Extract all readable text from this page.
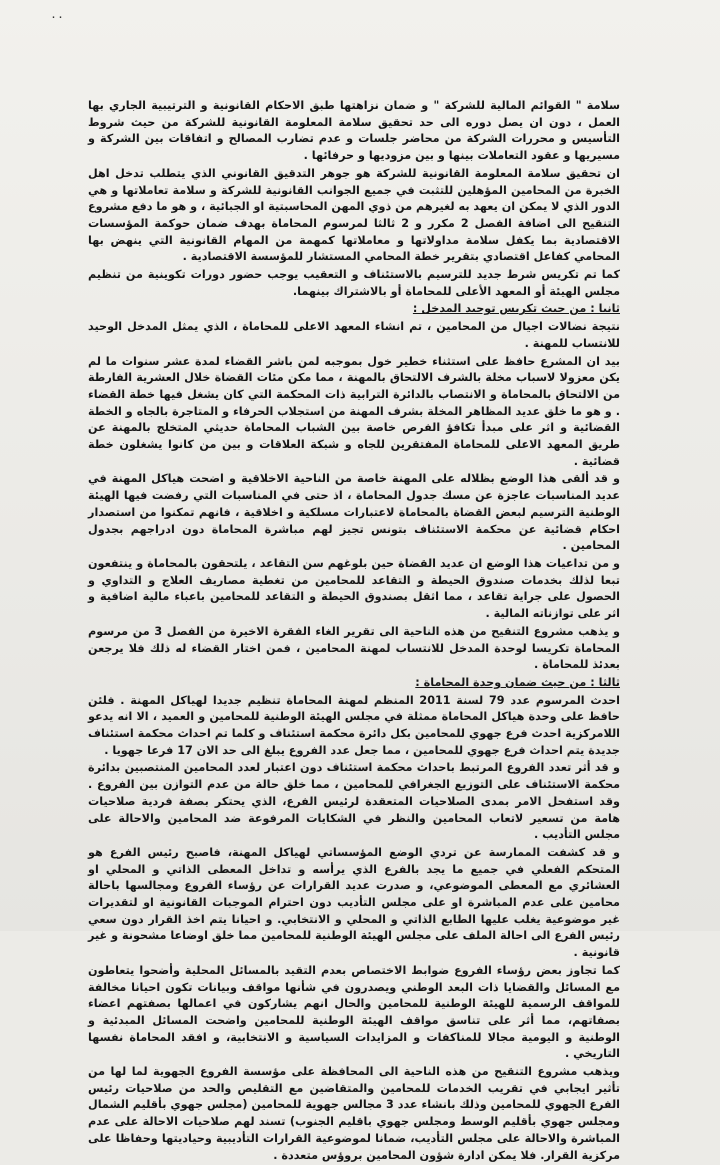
٠٠

سلامة " القوائم المالية للشركة " و ضمان نزاهتها طبق الاحكام القانونية و الترتيبية الجاري بها العمل ، دون ان يصل دوره الى حد تحقيق سلامة المعلومة القانونية للشركة من حيث شروط التأسيس و محررات الشركة من محاضر جلسات و عدم تضارب المصالح و اتفاقات بين الشركة و مسيريها و عقود التعاملات بينها و بين مزوديها و حرفائها .

ان تحقيق سلامة المعلومة القانونية للشركة هو جوهر التدقيق القانوني الذي يتطلب تدخل اهل الخبرة من المحامين المؤهلين للتثبت في جميع الجوانب القانونية للشركة و سلامة تعاملاتها و هي الدور الذي لا يمكن ان يعهد به لغيرهم من ذوي المهن المحاسبتية او الجبائية ، و هو ما دفع مشروع التنقيح الى اضافة الفصل 2 مكرر و 2 ثالثا لمرسوم المحاماة بهدف ضمان حوكمة المؤسسات الاقتصادية بما يكفل سلامة مداولاتها و معاملاتها كمهمة من المهام القانونية التي ينهض بها المحامي كفاعل اقتصادي بتقرير خطة المحامي المستشار للمؤسسة الاقتصادية .

كما تم تكريس شرط جديد للترسيم بالاستئناف و التعقيب يوجب حضور دورات تكوينية من تنظيم مجلس الهيئة أو المعهد الأعلى للمحاماة أو بالاشتراك بينهما.

ثانيا : من حيث تكريس توحيد المدخل :

نتيجة نضالات اجيال من المحامين ، تم انشاء المعهد الاعلى للمحاماة ، الذي يمثل المدخل الوحيد للانتساب للمهنة .

بيد ان المشرع حافظ على استثناء خطير خول بموجبه لمن باشر القضاء لمدة عشر سنوات ما لم يكن معزولا لاسباب مخلة بالشرف الالتحاق بالمهنة ، مما مكن مئات القضاة خلال العشرية الفارطة من الالتحاق بالمحاماة و الانتصاب بالدائرة الترابية ذات المحكمة التي كان يشغل فيها خطة القضاء . و هو ما خلق عديد المظاهر المخلة بشرف المهنة من استجلاب الحرفاء و المتاجرة بالجاه و الخطة القضائية و اثر على مبدأ تكافؤ الفرص خاصة بين الشباب المحاماة حديثي المتخلج بالمهنة عن طريق المعهد الاعلى للمحاماة المفتقرين للجاه و شبكة العلاقات و بين من كانوا يشغلون خطة قضائية .

و قد ألقى هذا الوضع بظلاله على المهنة خاصة من الناحية الاخلاقية و اضحت هياكل المهنة في عديد المناسبات عاجزة عن مسك جدول المحاماة ، اذ حتى في المناسبات التي رفضت فيها الهيئة الوطنية الترسيم لبعض القضاة بالمحاماة لاعتبارات مسلكية و اخلاقية ، فانهم تمكنوا من استصدار احكام قضائية عن محكمة الاستئناف بتونس تجيز لهم مباشرة المحاماة دون ادراجهم بجدول المحامين .

و من تداعيات هذا الوضع ان عديد القضاة حين بلوغهم سن التقاعد ، يلتحقون بالمحاماة و ينتفعون تبعا لذلك بخدمات صندوق الحيطة و التقاعد للمحامين من تغطية مصاريف العلاج و التداوي و الحصول على جراية تقاعد ، مما اثقل بصندوق الحيطة و التقاعد للمحامين باعباء مالية اضافية و اثر على توازناته المالية .

و يذهب مشروع التنقيح من هذه الناحية الى تقرير الغاء الفقرة الاخيرة من الفصل 3 من مرسوم المحاماة تكريسا لوحدة المدخل للانتساب لمهنة المحامين ، فمن اختار القضاء له ذلك فلا يرجعن بعدئذ للمحاماة .

ثالثا : من حيث ضمان وحدة المحاماة :

احدث المرسوم عدد 79 لسنة 2011 المنظم لمهنة المحاماة تنظيم جديدا لهياكل المهنة . فلئن حافظ على وحدة هياكل المحاماة ممثلة في مجلس الهيئة الوطنية للمحامين و العميد ، الا انه يدعو اللامركزية احدث فرع جهوي للمحامين بكل دائرة محكمة استئناف و كلما تم احداث محكمة استئناف جديدة يتم احداث فرع جهوي للمحامين ، مما جعل عدد الفروع يبلغ الى حد الان 17 فرعا جهويا .

و قد أثر تعدد الفروع المرتبط باحداث محكمة استئناف دون اعتبار لعدد المحامين المنتصبين بدائرة محكمة الاستئناف على التوزيع الجغرافي للمحامين ، مما خلق حالة من عدم التوازن بين الفروع . وقد استفحل الامر بمدى الصلاحيات المتعقدة لرئيس الفرع، الذي يحتكر بصفة فردية صلاحيات هامة من تسعير لاتعاب المحامين والنظر في الشكايات المرفوعة ضد المحامين والاحالة على مجلس التأديب .

و قد كشفت الممارسة عن تردي الوضع المؤسساتي لهياكل المهنة، فاصبح رئيس الفرع هو المتحكم الفعلي في جميع ما يجد بالفرع الذي يرأسه و تداخل المعطى الذاتي و المحلي او العشائري مع المعطى الموضوعي، و صدرت عديد القرارات عن رؤساء الفروع ومجالسها باحالة محامين على عدم المباشرة او على مجلس التأديب دون احترام الموجبات القانونية او لتقديرات غير موضوعية يغلب عليها الطابع الذاتي و المحلي و الانتخابي. و احيانا يتم اخذ القرار دون سعي رئيس الفرع الى احالة الملف على مجلس الهيئة الوطنية للمحامين مما خلق اوضاعا مشحونة و غير قانونية .

كما تجاوز بعض رؤساء الفروع ضوابط الاختصاص بعدم التقيد بالمسائل المحلية وأضحوا يتعاطون مع المسائل والقضايا ذات البعد الوطني ويصدرون في شأنها مواقف وبيانات تكون احيانا مخالفة للمواقف الرسمية للهيئة الوطنية للمحامين والحال انهم يشاركون في اعمالها بصفتهم اعضاء بصفاتهم، مما أثر على تناسق مواقف الهيئة الوطنية للمحامين واضحت المسائل المبدئية و الوطنية و اليومية مجالا للمناكفات و المزايدات السياسية و الانتخابية، و افقد المحاماة نفسها التاريخي .

ويذهب مشروع التنقيح من هذه الناحية الى المحافظة على مؤسسة الفروع الجهوية لما لها من تأثير ايجابي في تقريب الخدمات للمحامين والمتقاضين مع التقليص والحد من صلاحيات رئيس الفرع الجهوي للمحامين وذلك بانشاء عدد 3 مجالس جهوية للمحامين (مجلس جهوي بأقليم الشمال ومجلس جهوي بأقليم الوسط ومجلس جهوي باقليم الجنوب) تسند لهم صلاحيات الاحالة على عدم المباشرة والاحالة على مجلس التأديب، ضمانا لموضوعية القرارات التأديبية وحياديتها وحفاظا على مركزية القرار. فلا يمكن ادارة شؤون المحامين بروؤس متعددة .
